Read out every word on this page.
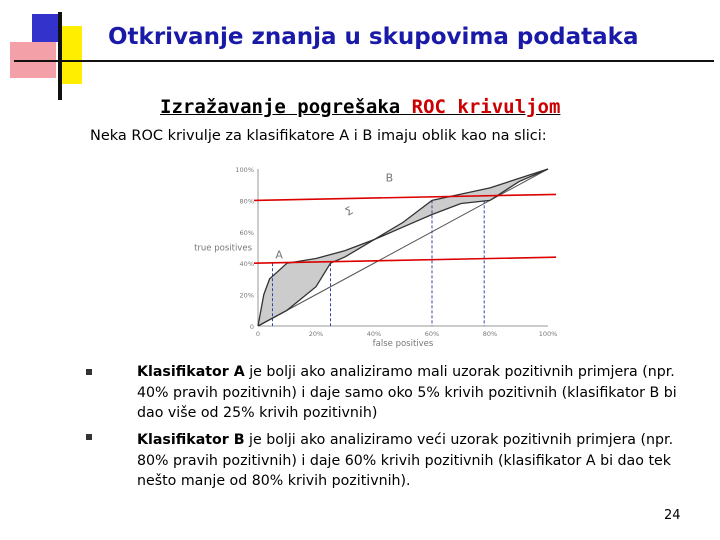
Otkrivanje znanja u skupovima podataka
Izražavanje pogrešaka ROC krivuljom
Neka ROC krivulje za klasifikatore A i B imaju oblik kao na slici:
0
20%
40%
60%
80%
100%
0	20%	40%	60%	80%	100%
true positives
false positives
A
B
Σ
Klasifikator A je bolji ako analiziramo mali uzorak pozitivnih primjera (npr. 40% pravih pozitivnih) i daje samo oko 5% krivih pozitivnih (klasifikator B bi dao više od 25% krivih pozitivnih)
Klasifikator B je bolji ako analiziramo veći uzorak pozitivnih primjera (npr. 80% pravih pozitivnih) i daje 60% krivih pozitivnih (klasifikator A bi dao tek nešto manje od 80% krivih pozitivnih).
24
